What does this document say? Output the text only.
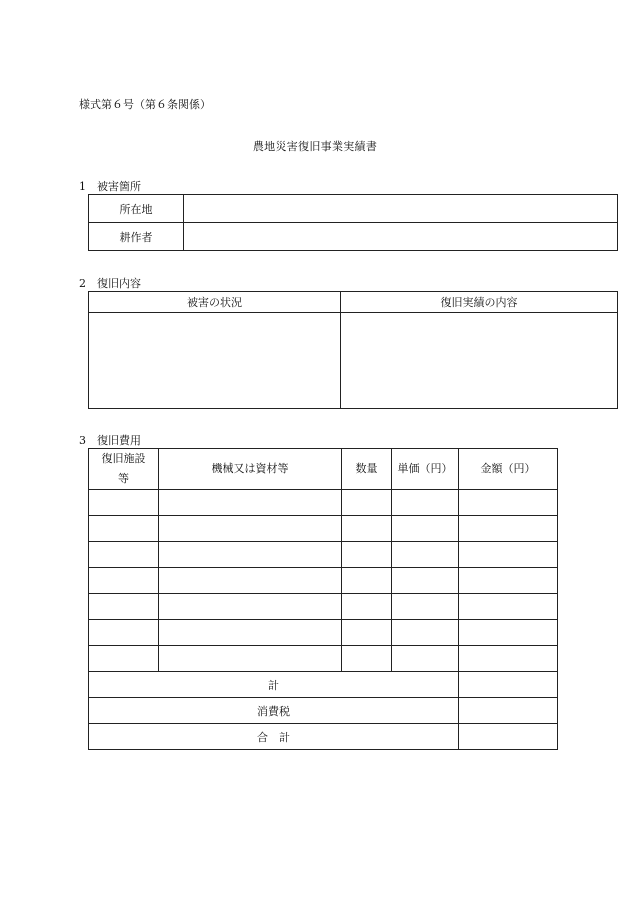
様式第６号（第６条関係）
農地災害復旧事業実績書
1 被害箇所
所在地	
耕作者	
2 復旧内容
被害の状況	復旧実績の内容

3 復旧費用
復旧施設
等	機械又は資材等	数量	単価（円）	金額（円）

計				
消費税				
合　計				
